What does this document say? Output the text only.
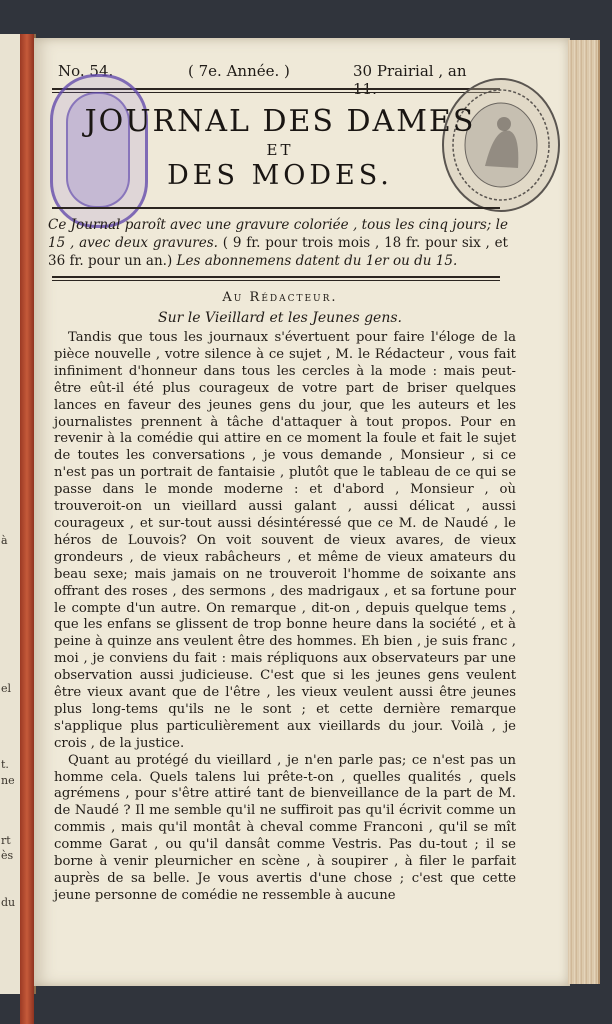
à
el
t.
ne
rt
ès
du
No. 54.	( 7e. Année. )	30 Prairial , an 11.
JOURNAL DES DAMES
ET
DES MODES.
Ce Journal paroît avec une gravure coloriée , tous les cinq jours; le 15 , avec deux gravures. ( 9 fr. pour trois mois , 18 fr. pour six , et 36 fr. pour un an.) Les abonnemens datent du 1er ou du 15.
Au Rédacteur.
Sur le Vieillard et les Jeunes gens.

Tandis que tous les journaux s'évertuent pour faire l'éloge de la pièce nouvelle , votre silence à ce sujet , M. le Rédacteur , vous fait infiniment d'honneur dans tous les cercles à la mode : mais peut-être eût-il été plus courageux de votre part de briser quelques lances en faveur des jeunes gens du jour, que les auteurs et les journalistes prennent à tâche d'attaquer à tout propos. Pour en revenir à la comédie qui attire en ce moment la foule et fait le sujet de toutes les conversations , je vous demande , Monsieur , si ce n'est pas un portrait de fantaisie , plutôt que le tableau de ce qui se passe dans le monde moderne : et d'abord , Monsieur , où trouveroit-on un vieillard aussi galant , aussi délicat , aussi courageux , et sur-tout aussi désintéressé que ce M. de Naudé , le héros de Louvois? On voit souvent de vieux avares, de vieux grondeurs , de vieux rabâcheurs , et même de vieux amateurs du beau sexe; mais jamais on ne trouveroit l'homme de soixante ans offrant des roses , des sermons , des madrigaux , et sa fortune pour le compte d'un autre. On remarque , dit-on , depuis quelque tems , que les enfans se glissent de trop bonne heure dans la société , et à peine à quinze ans veulent être des hommes. Eh bien , je suis franc , moi , je conviens du fait : mais répliquons aux observateurs par une observation aussi judicieuse. C'est que si les jeunes gens veulent être vieux avant que de l'être , les vieux veulent aussi être jeunes plus long-tems qu'ils ne le sont ; et cette dernière remarque s'applique plus particulièrement aux vieillards du jour. Voilà , je crois , de la justice.

Quant au protégé du vieillard , je n'en parle pas; ce n'est pas un homme cela. Quels talens lui prête-t-on , quelles qualités , quels agrémens , pour s'être attiré tant de bienveillance de la part de M. de Naudé ? Il me semble qu'il ne suffiroit pas qu'il écrivit comme un commis , mais qu'il montât à cheval comme Franconi , qu'il se mît comme Garat , ou qu'il dansât comme Vestris. Pas du-tout ; il se borne à venir pleurnicher en scène , à soupirer , à filer le parfait auprès de sa belle. Je vous avertis d'une chose ; c'est que cette jeune personne de comédie ne ressemble à aucune
